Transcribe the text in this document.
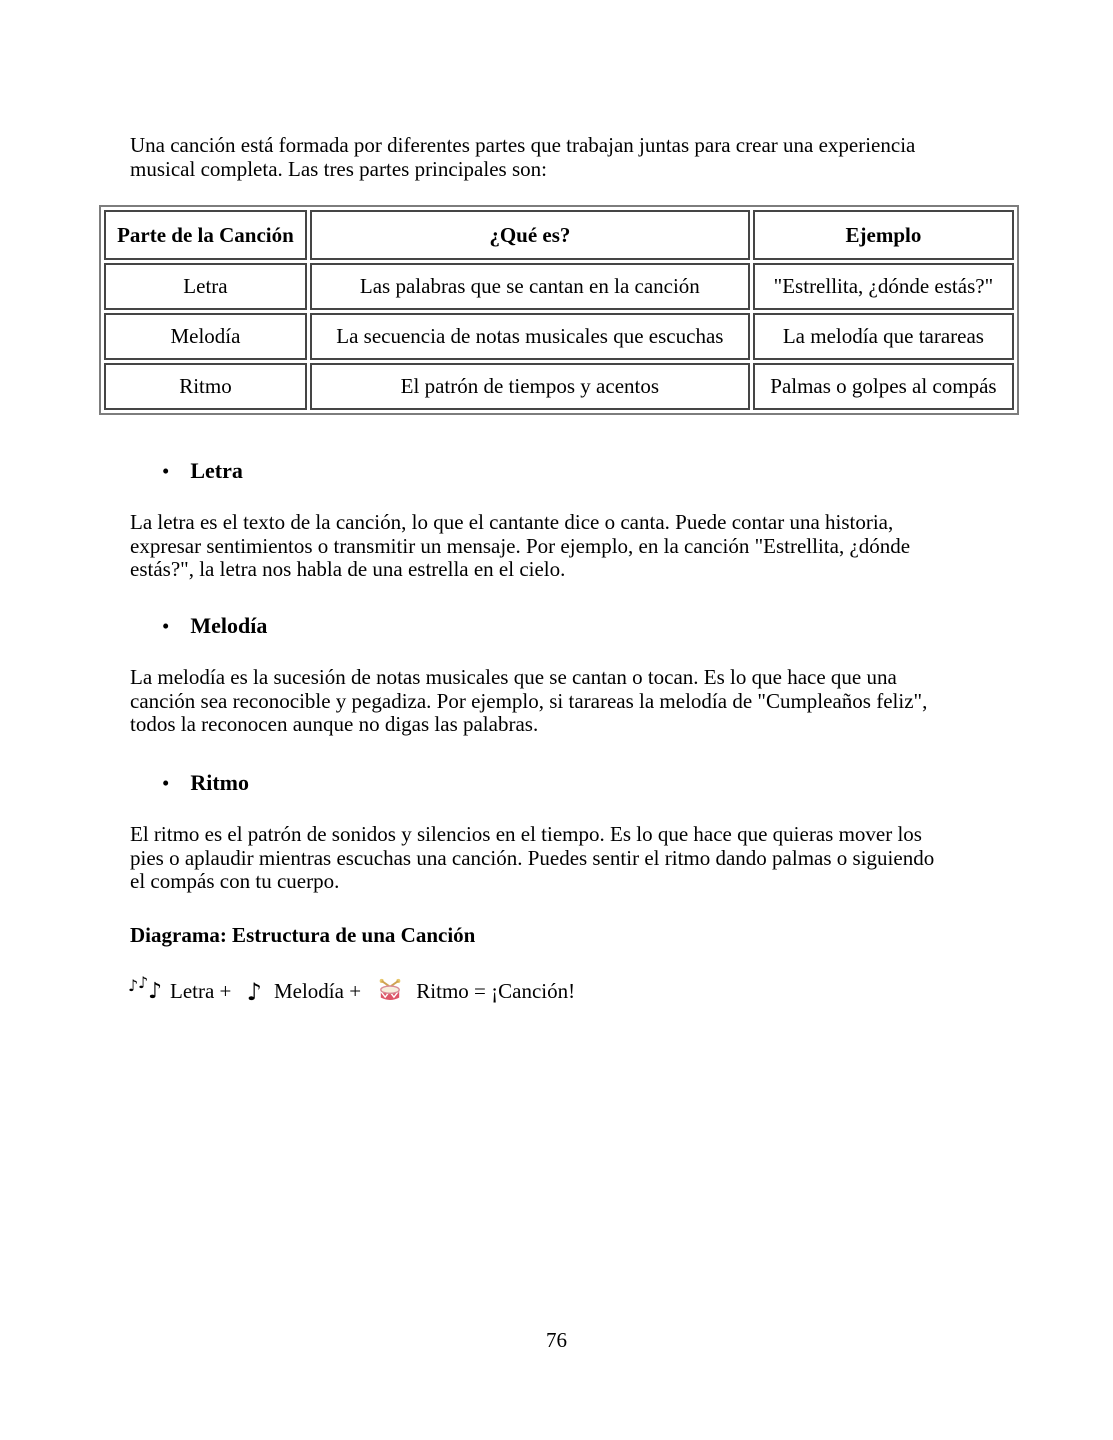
Una canción está formada por diferentes partes que trabajan juntas para crear una experiencia
musical completa. Las tres partes principales son:
Parte de la Canción	¿Qué es?	Ejemplo
Letra	Las palabras que se cantan en la canción	"Estrellita, ¿dónde estás?"
Melodía	La secuencia de notas musicales que escuchas	La melodía que tarareas
Ritmo	El patrón de tiempos y acentos	Palmas o golpes al compás
• Letra
La letra es el texto de la canción, lo que el cantante dice o canta. Puede contar una historia,
expresar sentimientos o transmitir un mensaje. Por ejemplo, en la canción "Estrellita, ¿dónde
estás?", la letra nos habla de una estrella en el cielo.
• Melodía
La melodía es la sucesión de notas musicales que se cantan o tocan. Es lo que hace que una
canción sea reconocible y pegadiza. Por ejemplo, si tarareas la melodía de "Cumpleaños feliz",
todos la reconocen aunque no digas las palabras.
• Ritmo
El ritmo es el patrón de sonidos y silencios en el tiempo. Es lo que hace que quieras mover los
pies o aplaudir mientras escuchas una canción. Puedes sentir el ritmo dando palmas o siguiendo
el compás con tu cuerpo.
Diagrama: Estructura de una Canción
♪ ♪ ♪ Letra + ♪ Melodía + Ritmo = ¡Canción!
76
